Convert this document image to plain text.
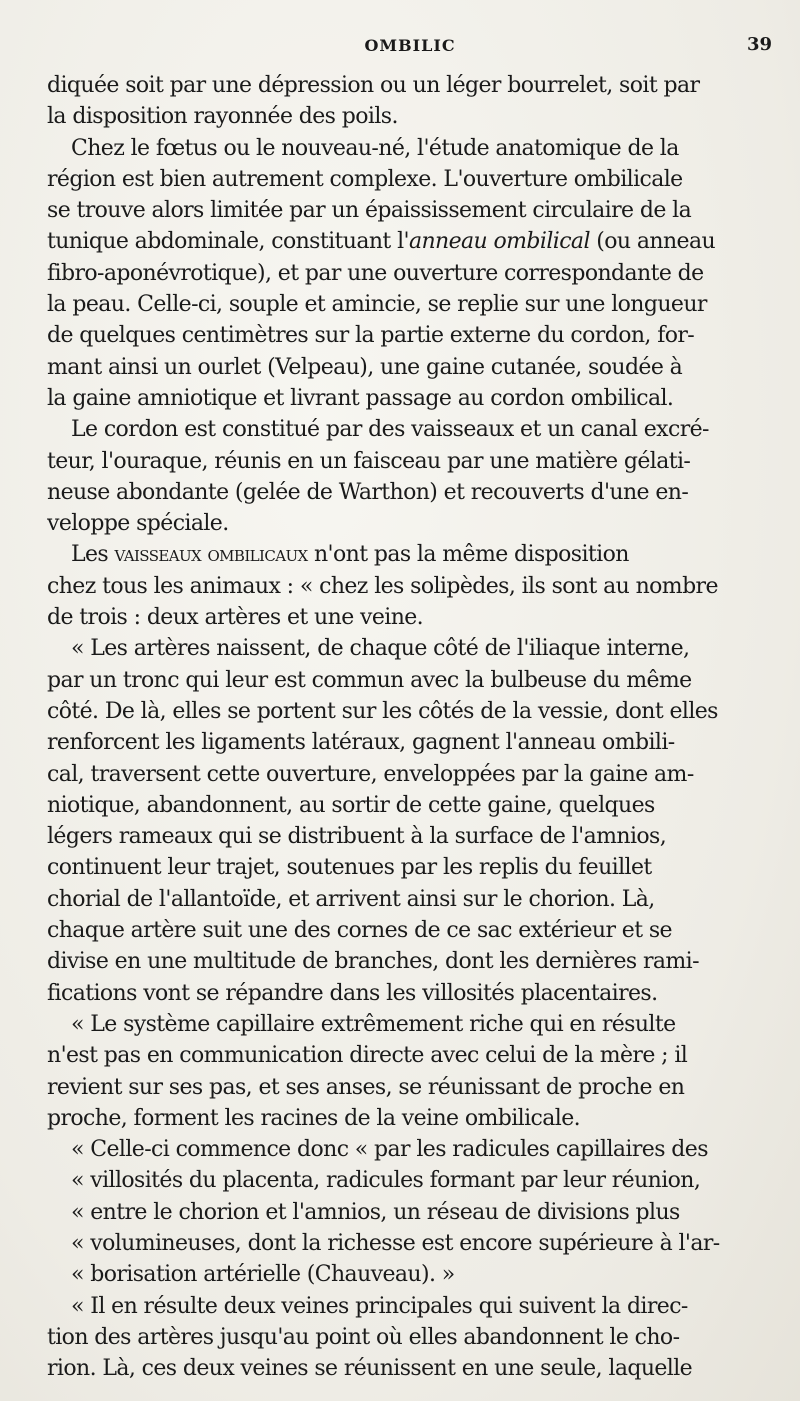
OMBILIC	39
diquée soit par une dépression ou un léger bourrelet, soit par
la disposition rayonnée des poils.
Chez le fœtus ou le nouveau-né, l'étude anatomique de la
région est bien autrement complexe. L'ouverture ombilicale
se trouve alors limitée par un épaississement circulaire de la
tunique abdominale, constituant l'anneau ombilical (ou anneau
fibro-aponévrotique), et par une ouverture correspondante de
la peau. Celle-ci, souple et amincie, se replie sur une longueur
de quelques centimètres sur la partie externe du cordon, for-
mant ainsi un ourlet (Velpeau), une gaine cutanée, soudée à
la gaine amniotique et livrant passage au cordon ombilical.
Le cordon est constitué par des vaisseaux et un canal excré-
teur, l'ouraque, réunis en un faisceau par une matière gélati-
neuse abondante (gelée de Warthon) et recouverts d'une en-
veloppe spéciale.
Les vaisseaux ombilicaux n'ont pas la même disposition
chez tous les animaux : « chez les solipèdes, ils sont au nombre
de trois : deux artères et une veine.
« Les artères naissent, de chaque côté de l'iliaque interne,
par un tronc qui leur est commun avec la bulbeuse du même
côté. De là, elles se portent sur les côtés de la vessie, dont elles
renforcent les ligaments latéraux, gagnent l'anneau ombili-
cal, traversent cette ouverture, enveloppées par la gaine am-
niotique, abandonnent, au sortir de cette gaine, quelques
légers rameaux qui se distribuent à la surface de l'amnios,
continuent leur trajet, soutenues par les replis du feuillet
chorial de l'allantoïde, et arrivent ainsi sur le chorion. Là,
chaque artère suit une des cornes de ce sac extérieur et se
divise en une multitude de branches, dont les dernières rami-
fications vont se répandre dans les villosités placentaires.
« Le système capillaire extrêmement riche qui en résulte
n'est pas en communication directe avec celui de la mère ; il
revient sur ses pas, et ses anses, se réunissant de proche en
proche, forment les racines de la veine ombilicale.
« Celle-ci commence donc « par les radicules capillaires des
« villosités du placenta, radicules formant par leur réunion,
« entre le chorion et l'amnios, un réseau de divisions plus
« volumineuses, dont la richesse est encore supérieure à l'ar-
« borisation artérielle (Chauveau). »
« Il en résulte deux veines principales qui suivent la direc-
tion des artères jusqu'au point où elles abandonnent le cho-
rion. Là, ces deux veines se réunissent en une seule, laquelle
